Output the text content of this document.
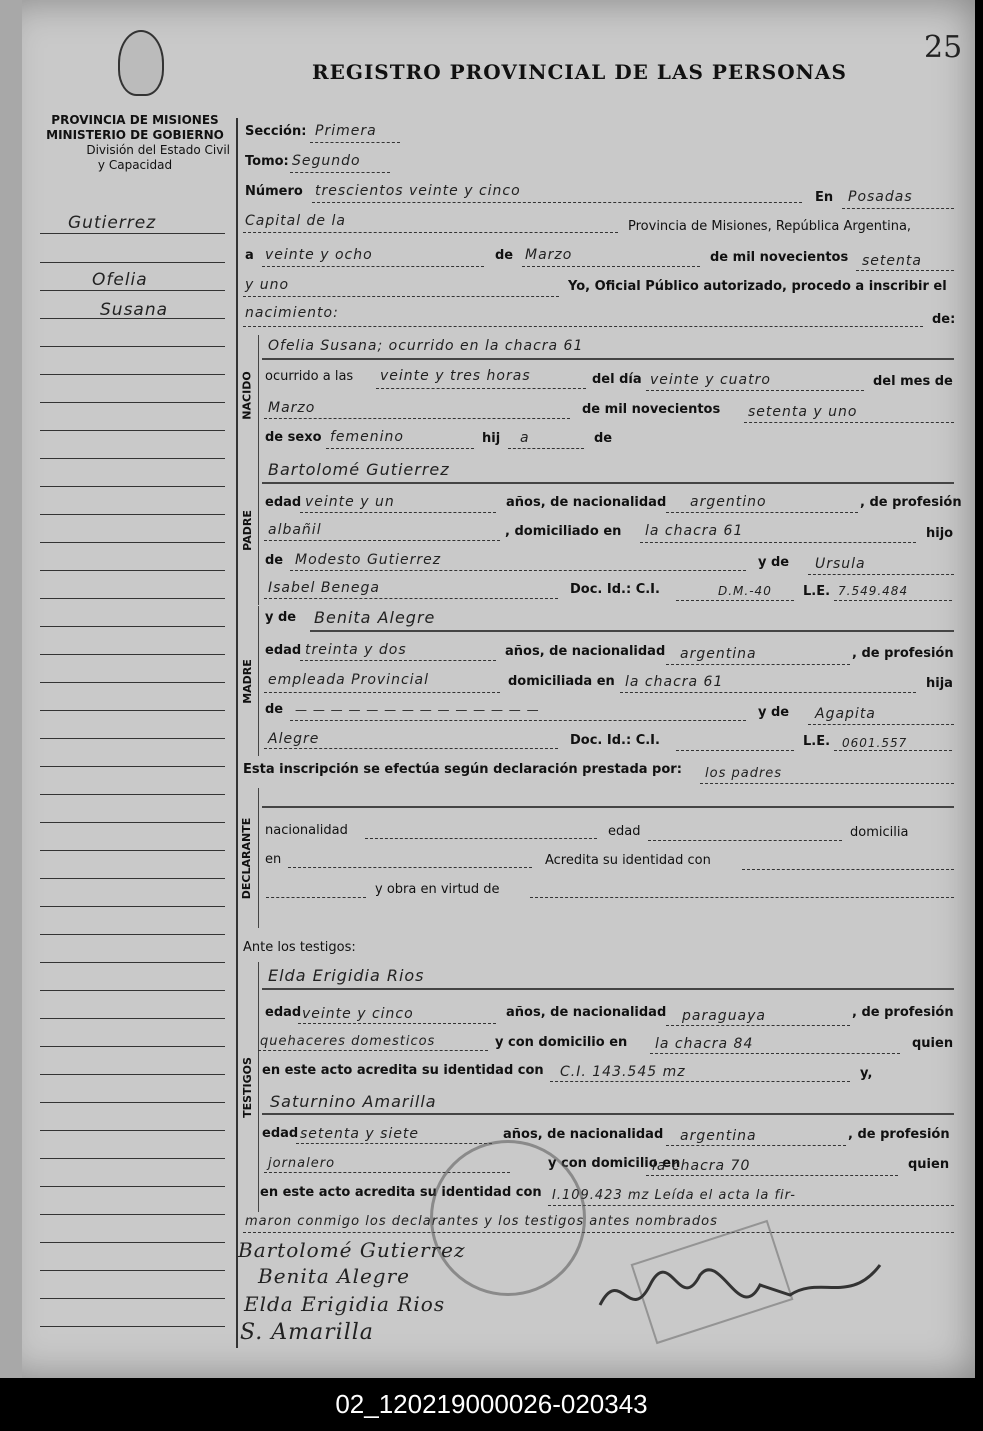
25
REGISTRO PROVINCIAL DE LAS PERSONAS
PROVINCIA DE MISIONES
MINISTERIO DE GOBIERNO
División del Estado Civil
y Capacidad
Gutierrez
Ofelia
Susana
Sección: Primera
Tomo: Segundo
Número trescientos veinte y cinco	En Posadas
Capital de la	Provincia de Misiones, República Argentina,
a veinte y ocho	de Marzo	de mil novecientos setenta
y uno	Yo, Oficial Público autorizado, procedo a inscribir el
nacimiento:	de:
NACIDO
Ofelia Susana; ocurrido en la chacra 61
ocurrido a las veinte y tres horas	del día veinte y cuatro	del mes de
Marzo	de mil novecientos setenta y uno
de sexo femenino	hij a	de
PADRE
Bartolomé Gutierrez
edad veinte y un	años, de nacionalidad argentino	, de profesión
albañil	, domiciliado en la chacra 61	hijo
de Modesto Gutierrez	y de Ursula
Isabel Benega	Doc. Id.: C.I.	D.M.-40 L.E. 7.549.484
MADRE
y de Benita Alegre
edad treinta y dos	años, de nacionalidad argentina	, de profesión
empleada Provincial	domiciliada en la chacra 61	hija
de — — — — — — — — — — — — — —	y de Agapita
Alegre	Doc. Id.: C.I.	L.E. 0601.557
Esta inscripción se efectúa según declaración prestada por: los padres
DECLARANTE nacionalidad	edad	domicilia
en	Acredita su identidad con
y obra en virtud de
Ante los testigos:
TESTIGOS
Elda Erigidia Rios
edad veinte y cinco	años, de nacionalidad paraguaya	, de profesión
quehaceres domesticos	y con domicilio en la chacra 84	quien
en este acto acredita su identidad con C.I. 143.545 mz	y,
Saturnino Amarilla
edad setenta y siete	años, de nacionalidad argentina	, de profesión
jornalero	y con domicilio en
la chacra 70	quien
en este acto acredita su identidad con I.109.423 mz Leída el acta la fir-
maron conmigo los declarantes y los testigos antes nombrados
Bartolomé Gutierrez
Benita Alegre
Elda Erigidia Rios
S. Amarilla
02_120219000026-020343
